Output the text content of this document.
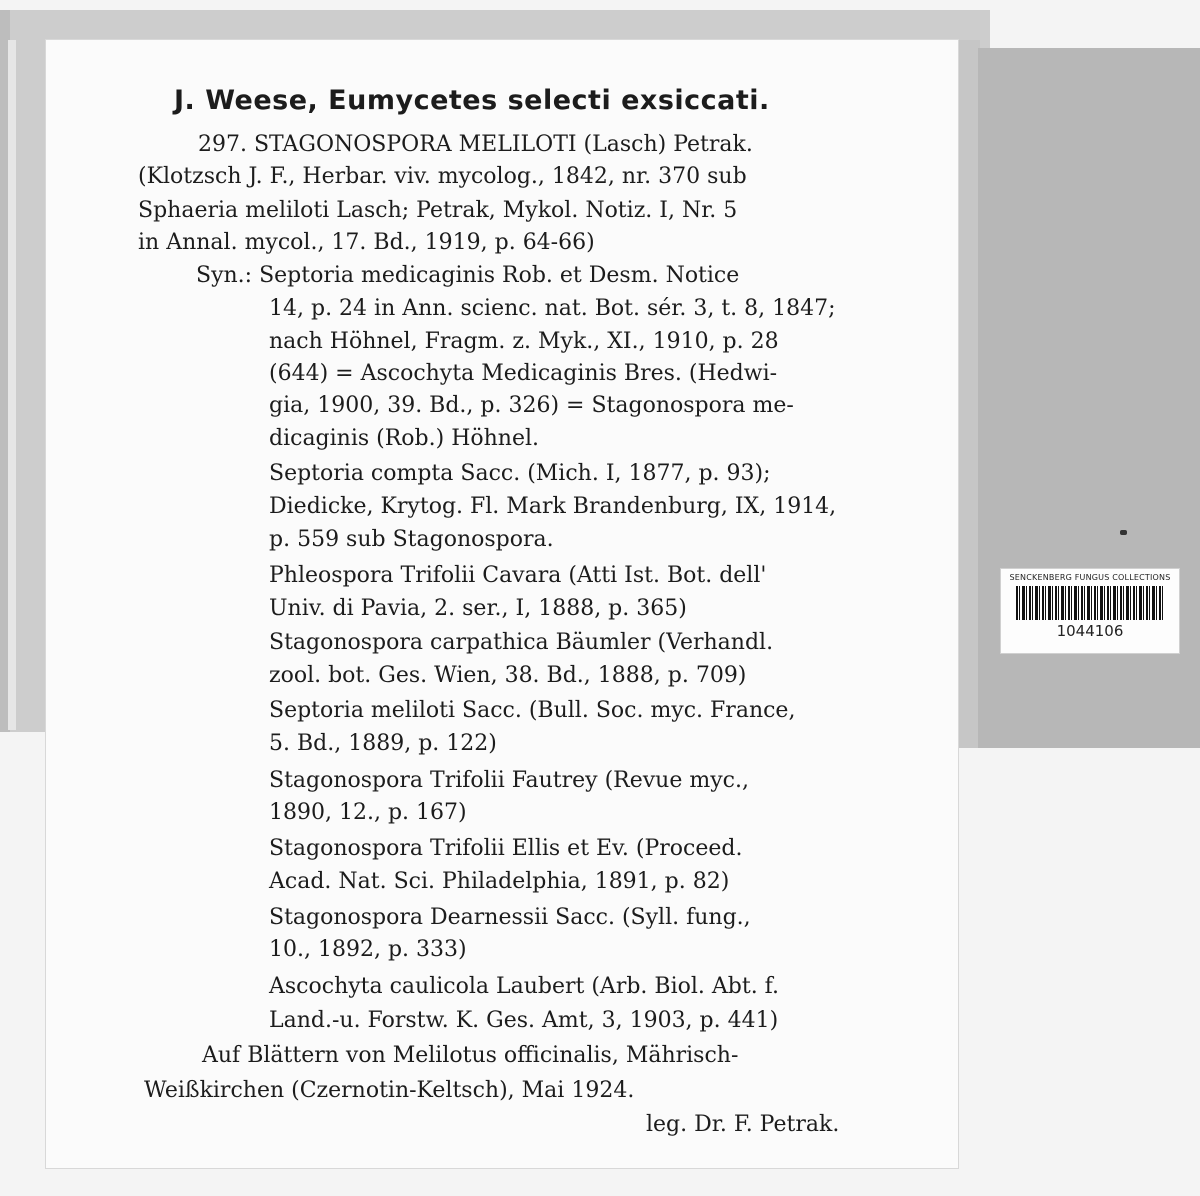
J. Weese, Eumycetes selecti exsiccati.
297. STAGONOSPORA MELILOTI (Lasch) Petrak.
(Klotzsch J. F., Herbar. viv. mycolog., 1842, nr. 370 sub
Sphaeria meliloti Lasch; Petrak, Mykol. Notiz. I, Nr. 5
in Annal. mycol., 17. Bd., 1919, p. 64-66)
Syn.: Septoria medicaginis Rob. et Desm. Notice
14, p. 24 in Ann. scienc. nat. Bot. sér. 3, t. 8, 1847;
nach Höhnel, Fragm. z. Myk., XI., 1910, p. 28
(644) = Ascochyta Medicaginis Bres. (Hedwi-
gia, 1900, 39. Bd., p. 326) = Stagonospora me-
dicaginis (Rob.) Höhnel.
Septoria compta Sacc. (Mich. I, 1877, p. 93);
Diedicke, Krytog. Fl. Mark Brandenburg, IX, 1914,
p. 559 sub Stagonospora.
Phleospora Trifolii Cavara (Atti Ist. Bot. dell'
Univ. di Pavia, 2. ser., I, 1888, p. 365)
Stagonospora carpathica Bäumler (Verhandl.
zool. bot. Ges. Wien, 38. Bd., 1888, p. 709)
Septoria meliloti Sacc. (Bull. Soc. myc. France,
5. Bd., 1889, p. 122)
Stagonospora Trifolii Fautrey (Revue myc.,
1890, 12., p. 167)
Stagonospora Trifolii Ellis et Ev. (Proceed.
Acad. Nat. Sci. Philadelphia, 1891, p. 82)
Stagonospora Dearnessii Sacc. (Syll. fung.,
10., 1892, p. 333)
Ascochyta caulicola Laubert (Arb. Biol. Abt. f.
Land.-u. Forstw. K. Ges. Amt, 3, 1903, p. 441)
Auf Blättern von Melilotus officinalis, Mährisch-
Weißkirchen (Czernotin-Keltsch), Mai 1924.
leg. Dr. F. Petrak.
SENCKENBERG FUNGUS COLLECTIONS
1044106
